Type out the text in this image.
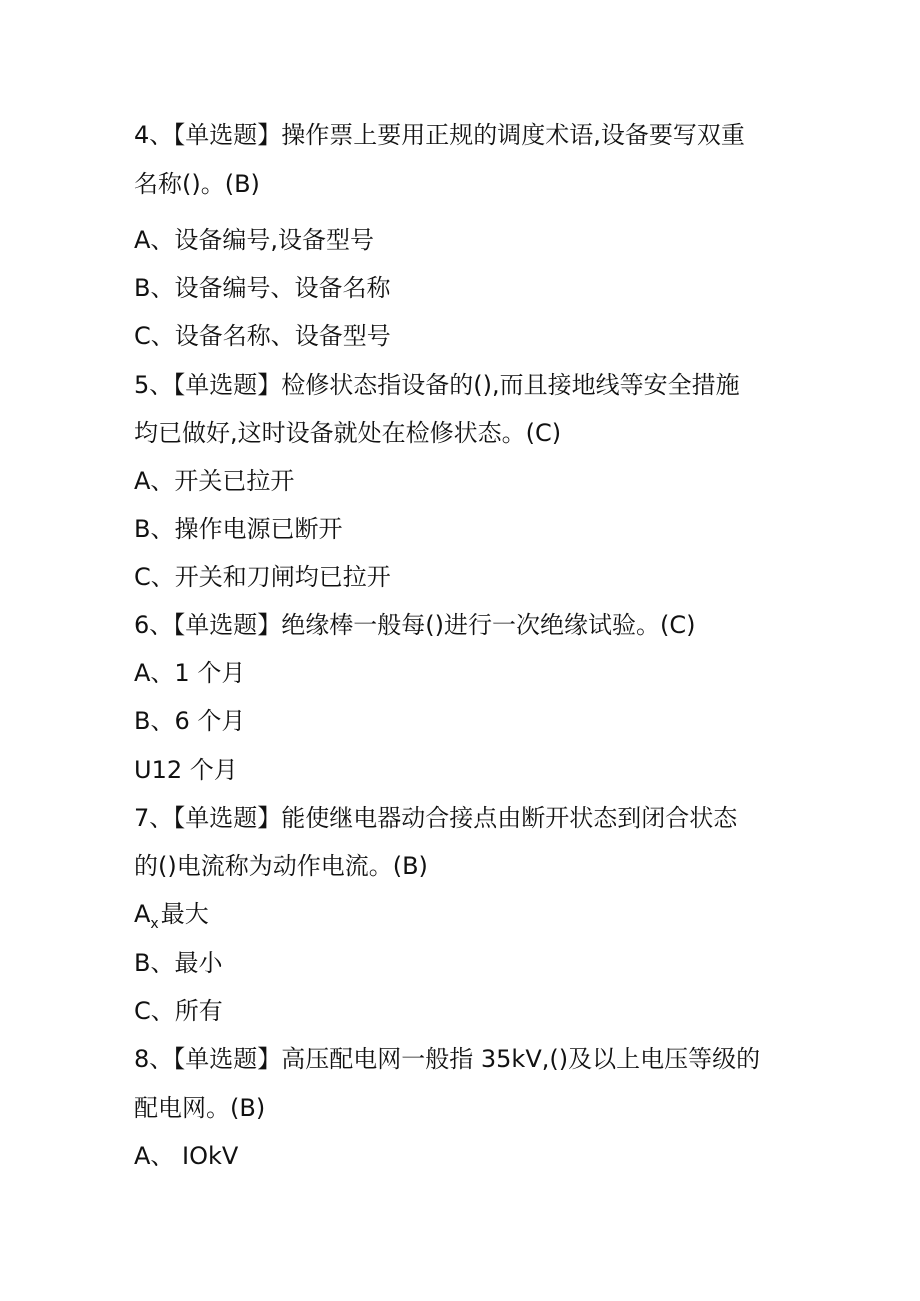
4、【单选题】操作票上要用正规的调度术语,设备要写双重
名称()。(B)
A、设备编号,设备型号
B、设备编号、设备名称
C、设备名称、设备型号
5、【单选题】检修状态指设备的(),而且接地线等安全措施
均已做好,这时设备就处在检修状态。(C)
A、开关已拉开
B、操作电源已断开
C、开关和刀闸均已拉开
6、【单选题】绝缘棒一般每()进行一次绝缘试验。(C)
A、1 个月
B、6 个月
U12 个月
7、【单选题】能使继电器动合接点由断开状态到闭合状态
的()电流称为动作电流。(B)
$A_x$最大
B、最小
C、所有
8、【单选题】高压配电网一般指 35kV,()及以上电压等级的
配电网。(B)
A、 IOkV
